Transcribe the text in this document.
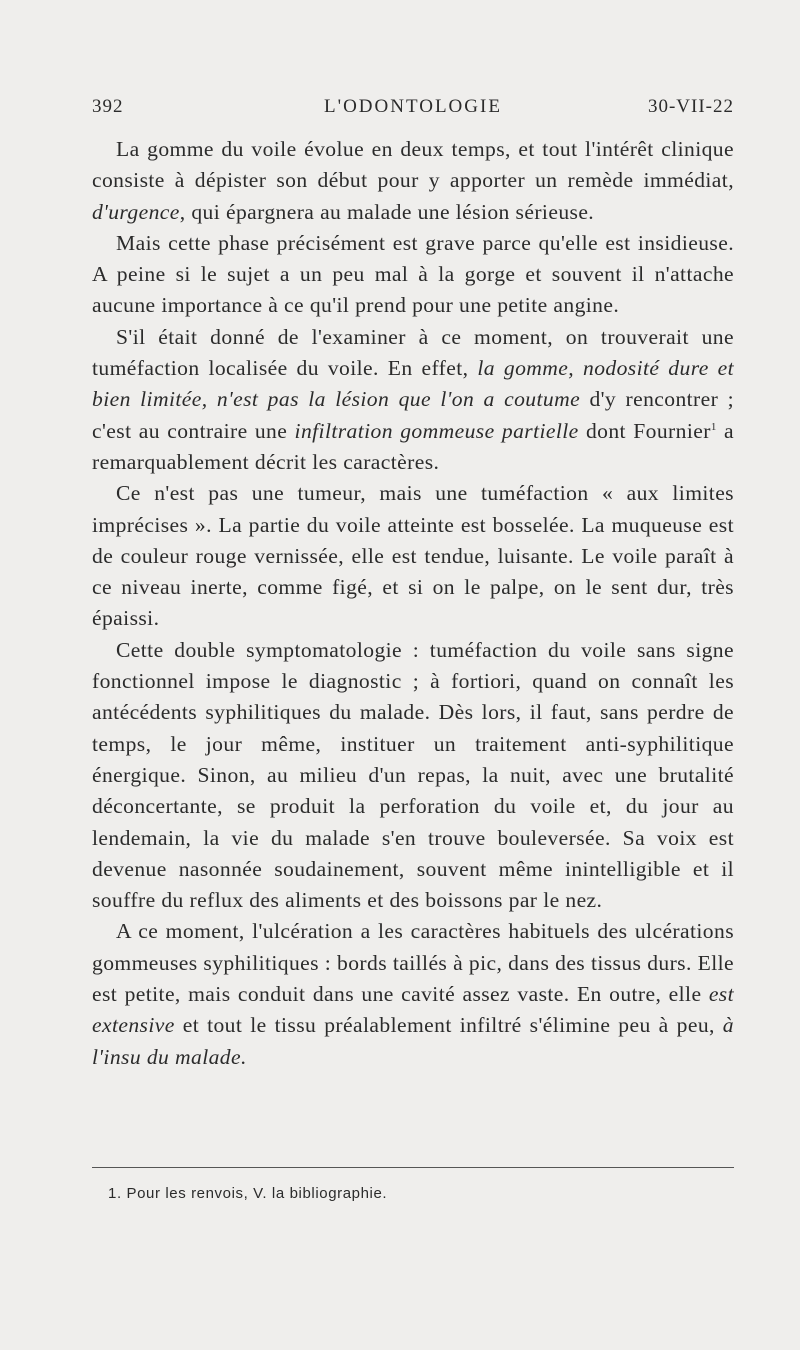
392	L'ODONTOLOGIE	30-VII-22

La gomme du voile évolue en deux temps, et tout l'intérêt clinique consiste à dépister son début pour y apporter un remède immédiat, d'urgence, qui épargnera au malade une lésion sérieuse.

Mais cette phase précisément est grave parce qu'elle est insidieuse. A peine si le sujet a un peu mal à la gorge et souvent il n'attache aucune importance à ce qu'il prend pour une petite angine.

S'il était donné de l'examiner à ce moment, on trouverait une tuméfaction localisée du voile. En effet, la gomme, nodosité dure et bien limitée, n'est pas la lésion que l'on a coutume d'y rencontrer ; c'est au contraire une infiltration gommeuse partielle dont Fournier$^1$ a remarquablement décrit les caractères.

Ce n'est pas une tumeur, mais une tuméfaction « aux limites imprécises ». La partie du voile atteinte est bosselée. La muqueuse est de couleur rouge vernissée, elle est tendue, luisante. Le voile paraît à ce niveau inerte, comme figé, et si on le palpe, on le sent dur, très épaissi.

Cette double symptomatologie : tuméfaction du voile sans signe fonctionnel impose le diagnostic ; à fortiori, quand on connaît les antécédents syphilitiques du malade. Dès lors, il faut, sans perdre de temps, le jour même, instituer un traitement anti-syphilitique énergique. Sinon, au milieu d'un repas, la nuit, avec une brutalité déconcertante, se produit la perforation du voile et, du jour au lendemain, la vie du malade s'en trouve bouleversée. Sa voix est devenue nasonnée soudainement, souvent même inintelligible et il souffre du reflux des aliments et des boissons par le nez.

A ce moment, l'ulcération a les caractères habituels des ulcérations gommeuses syphilitiques : bords taillés à pic, dans des tissus durs. Elle est petite, mais conduit dans une cavité assez vaste. En outre, elle est extensive et tout le tissu préalablement infiltré s'élimine peu à peu, à l'insu du malade.

1. Pour les renvois, V. la bibliographie.
